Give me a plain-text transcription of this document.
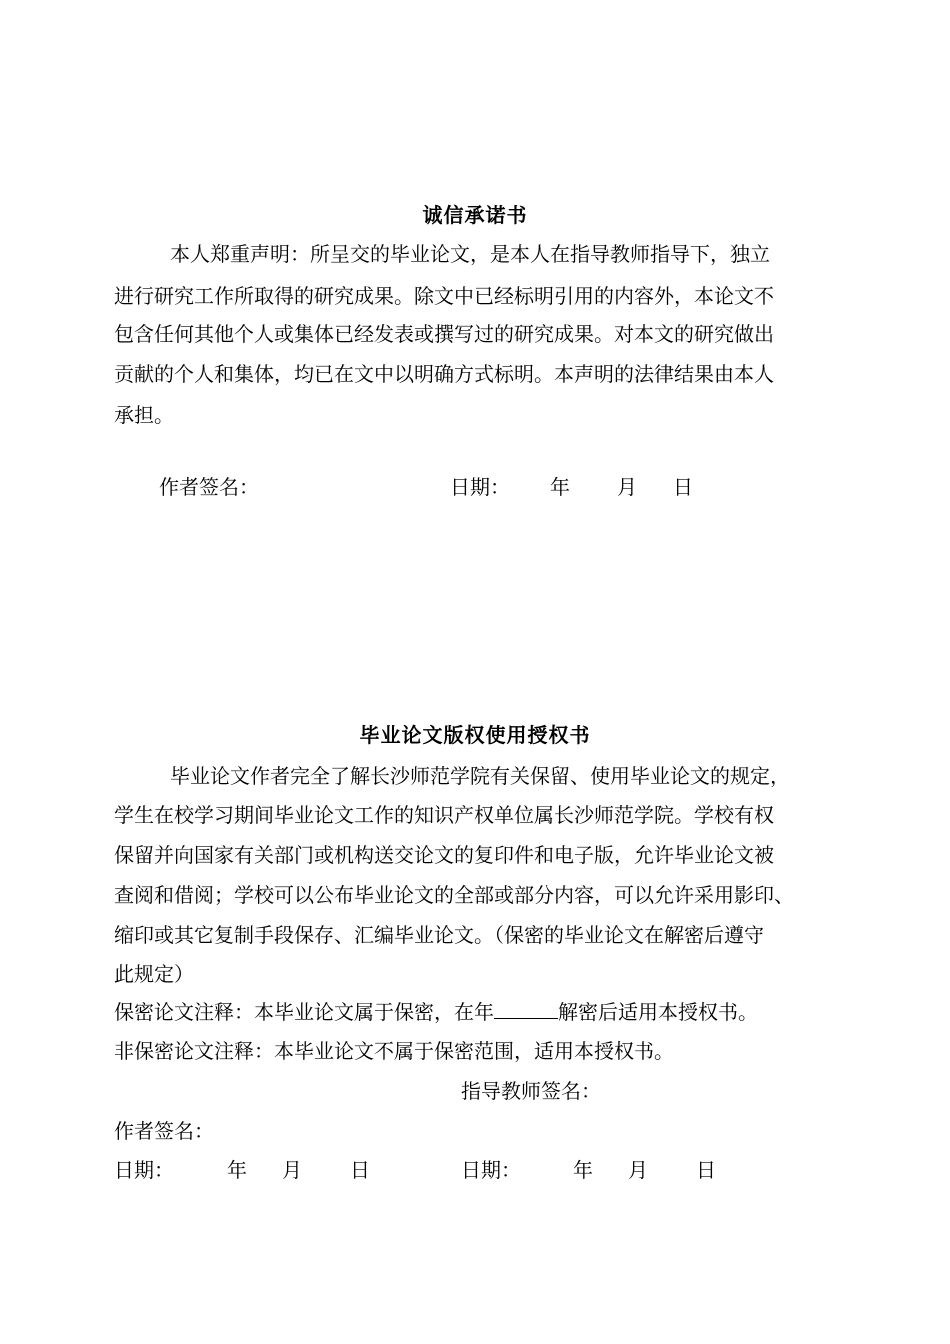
诚信承诺书
本人郑重声明：所呈交的毕业论文，是本人在指导教师指导下，独立
进行研究工作所取得的研究成果。除文中已经标明引用的内容外，本论文不
包含任何其他个人或集体已经发表或撰写过的研究成果。对本文的研究做出
贡献的个人和集体，均已在文中以明确方式标明。本声明的法律结果由本人
承担。
作者签名：	日期： 年 月 日
毕业论文版权使用授权书
毕业论文作者完全了解长沙师范学院有关保留、使用毕业论文的规定，
学生在校学习期间毕业论文工作的知识产权单位属长沙师范学院。学校有权
保留并向国家有关部门或机构送交论文的复印件和电子版，允许毕业论文被
查阅和借阅；学校可以公布毕业论文的全部或部分内容，可以允许采用影印、
缩印或其它复制手段保存、汇编毕业论文。（保密的毕业论文在解密后遵守
此规定）
保密论文注释：本毕业论文属于保密，在年	解密后适用本授权书。
非保密论文注释：本毕业论文不属于保密范围，适用本授权书。
指导教师签名：
作者签名：
日期：	年 月 日	日期：	年 月 日
